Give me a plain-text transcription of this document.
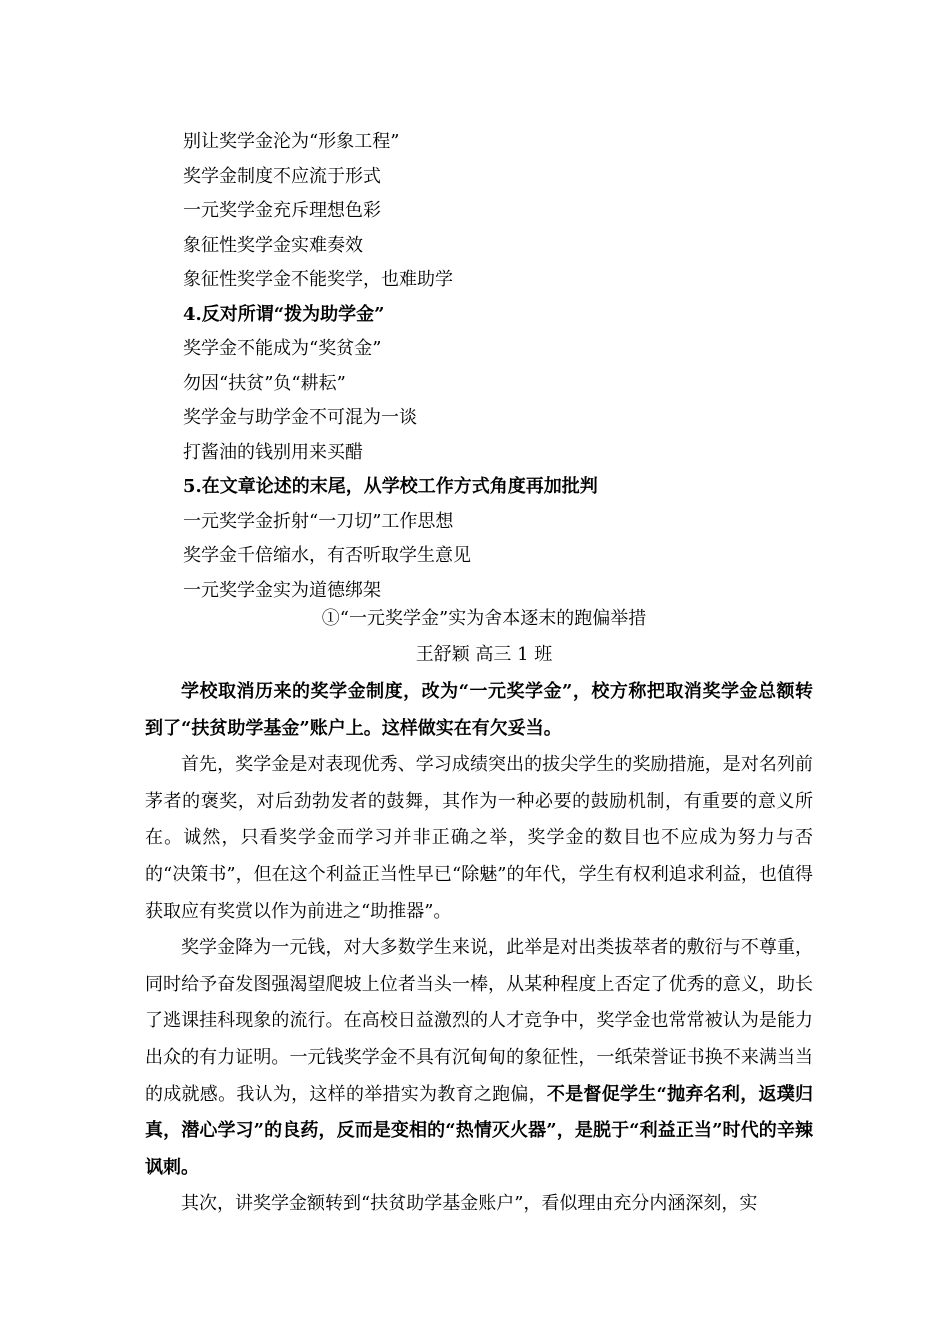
别让奖学金沦为“形象工程”
奖学金制度不应流于形式
一元奖学金充斥理想色彩
象征性奖学金实难奏效
象征性奖学金不能奖学，也难助学
4.反对所谓“拨为助学金”
奖学金不能成为“奖贫金”
勿因“扶贫”负“耕耘”
奖学金与助学金不可混为一谈
打酱油的钱别用来买醋
5.在文章论述的末尾，从学校工作方式角度再加批判
一元奖学金折射“一刀切”工作思想
奖学金千倍缩水，有否听取学生意见
一元奖学金实为道德绑架
①“一元奖学金”实为舍本逐末的跑偏举措
王舒颖 高三 1 班

学校取消历来的奖学金制度，改为“一元奖学金”，校方称把取消奖学金总额转到了“扶贫助学基金”账户上。这样做实在有欠妥当。

首先，奖学金是对表现优秀、学习成绩突出的拔尖学生的奖励措施，是对名列前茅者的褒奖，对后劲勃发者的鼓舞，其作为一种必要的鼓励机制，有重要的意义所在。诚然，只看奖学金而学习并非正确之举，奖学金的数目也不应成为努力与否的“决策书”，但在这个利益正当性早已“除魅”的年代，学生有权利追求利益，也值得获取应有奖赏以作为前进之“助推器”。

奖学金降为一元钱，对大多数学生来说，此举是对出类拔萃者的敷衍与不尊重，同时给予奋发图强渴望爬坡上位者当头一棒，从某种程度上否定了优秀的意义，助长了逃课挂科现象的流行。在高校日益激烈的人才竞争中，奖学金也常常被认为是能力出众的有力证明。一元钱奖学金不具有沉甸甸的象征性，一纸荣誉证书换不来满当当的成就感。我认为，这样的举措实为教育之跑偏，不是督促学生“抛弃名利，返璞归真，潜心学习”的良药，反而是变相的“热情灭火器”，是脱于“利益正当”时代的辛辣讽刺。

其次，讲奖学金额转到“扶贫助学基金账户”，看似理由充分内涵深刻，实
